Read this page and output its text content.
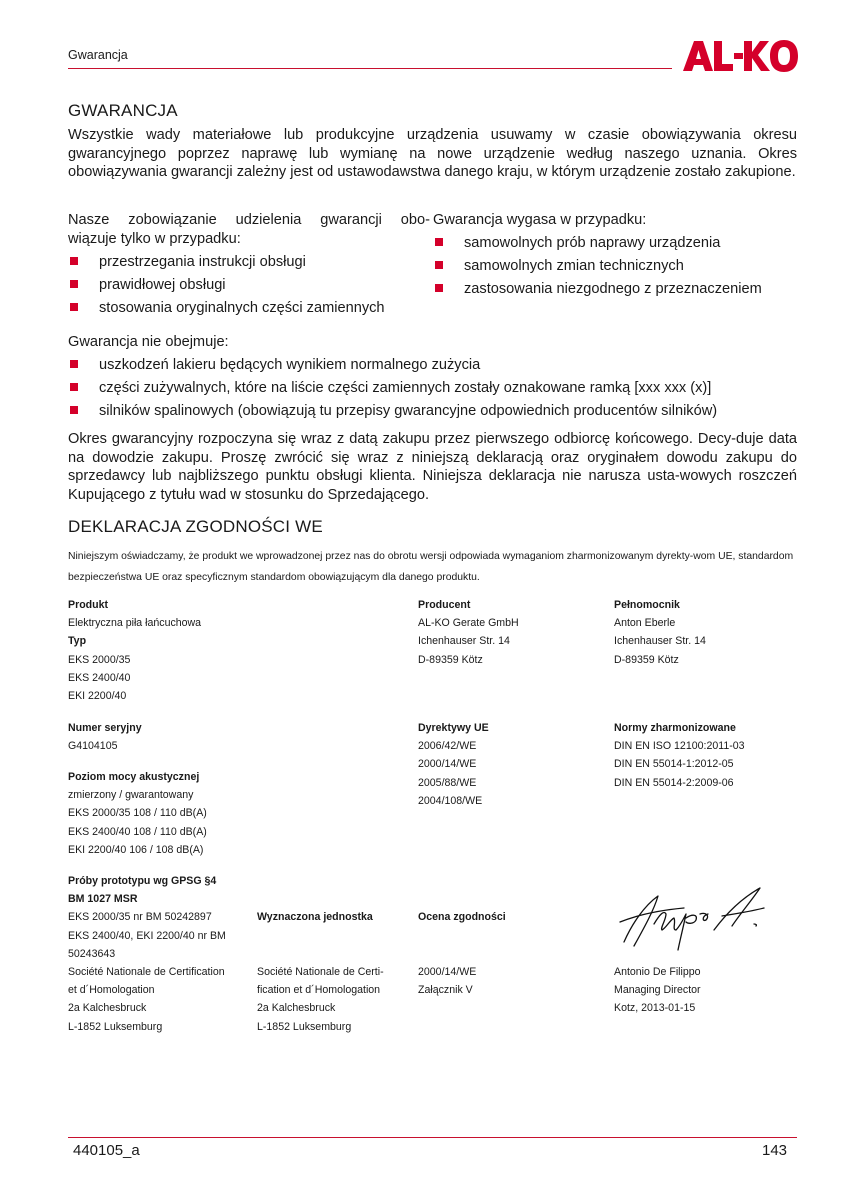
Gwarancja
GWARANCJA

Wszystkie wady materiałowe lub produkcyjne urządzenia usuwamy w czasie obowiązywania okresu gwarancyjnego poprzez naprawę lub wymianę na nowe urządzenie według naszego uznania. Okres obowiązywania gwarancji zależny jest od ustawodawstwa danego kraju, w którym urządzenie zostało zakupione.

Nasze zobowiązanie udzielenia gwarancji obo-
wiązuje tylko w przypadku:
przestrzegania instrukcji obsługi
prawidłowej obsługi
stosowania oryginalnych części zamiennych
Gwarancja wygasa w przypadku:
samowolnych prób naprawy urządzenia
samowolnych zmian technicznych
zastosowania niezgodnego z przeznaczeniem
Gwarancja nie obejmuje:
uszkodzeń lakieru będących wynikiem normalnego zużycia
części zużywalnych, które na liście części zamiennych zostały oznakowane ramką [xxx xxx (x)]
silników spalinowych (obowiązują tu przepisy gwarancyjne odpowiednich producentów silników)

Okres gwarancyjny rozpoczyna się wraz z datą zakupu przez pierwszego odbiorcę końcowego. Decy-duje data na dowodzie zakupu. Proszę zwrócić się wraz z niniejszą deklaracją oraz oryginałem dowodu zakupu do sprzedawcy lub najbliższego punktu obsługi klienta. Niniejsza deklaracja nie narusza usta-wowych roszczeń Kupującego z tytułu wad w stosunku do Sprzedającego.

DEKLARACJA ZGODNOŚCI WE
Niniejszym oświadczamy, że produkt we wprowadzonej przez nas do obrotu wersji odpowiada wymaganiom zharmonizowanym dyrekty-wom UE, standardom bezpieczeństwa UE oraz specyficznym standardom obowiązującym dla danego produktu.
Produkt
Elektryczna piła łańcuchowa
Typ
EKS 2000/35
EKS 2400/40
EKI 2200/40
Producent
AL-KO Gerate GmbH
Ichenhauser Str. 14
D-89359 Kötz
Pełnomocnik
Anton Eberle
Ichenhauser Str. 14
D-89359 Kötz
Numer seryjny
G4104105
Poziom mocy akustycznej
zmierzony / gwarantowany
EKS 2000/35 108 / 110 dB(A)
EKS 2400/40 108 / 110 dB(A)
EKI 2200/40 106 / 108 dB(A)
Dyrektywy UE
2006/42/WE
2000/14/WE
2005/88/WE
2004/108/WE
Normy zharmonizowane
DIN EN ISO 12100:2011-03
DIN EN 55014-1:2012-05
DIN EN 55014-2:2009-06
Próby prototypu wg GPSG §4
BM 1027 MSR
EKS 2000/35 nr BM 50242897
EKS 2400/40, EKI 2200/40 nr BM
50243643
Société Nationale de Certification
et d´Homologation
2a Kalchesbruck
L-1852 Luksemburg
Wyznaczona jednostka
Société Nationale de Certi-
fication et d´Homologation
2a Kalchesbruck
L-1852 Luksemburg
Ocena zgodności
2000/14/WE
Załącznik V
Antonio De Filippo
Managing Director
Kotz, 2013-01-15
440105_a	143
